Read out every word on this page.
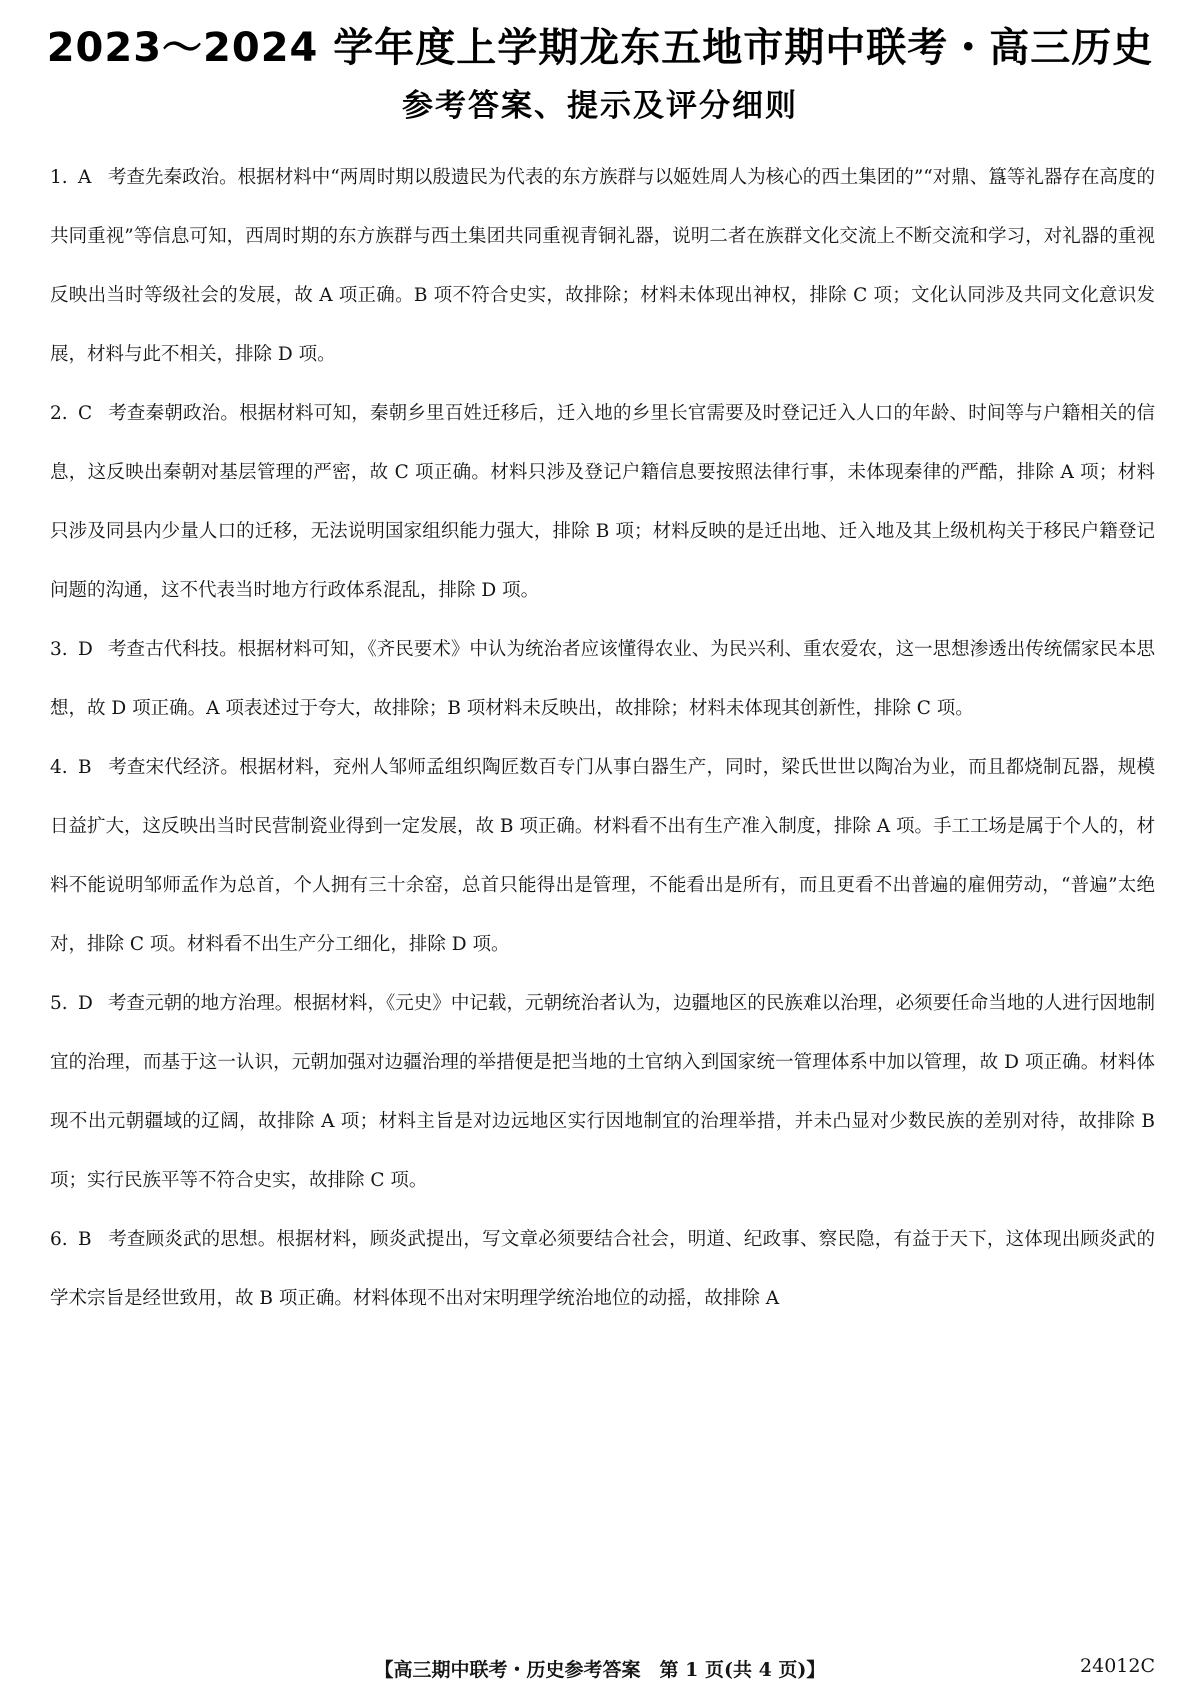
2023～2024 学年度上学期龙东五地市期中联考・高三历史
参考答案、提示及评分细则
1. A 考查先秦政治。根据材料中“两周时期以殷遗民为代表的东方族群与以姬姓周人为核心的西土集团的”“对鼎、簋等礼器存在高度的共同重视”等信息可知，西周时期的东方族群与西土集团共同重视青铜礼器，说明二者在族群文化交流上不断交流和学习，对礼器的重视反映出当时等级社会的发展，故 A 项正确。B 项不符合史实，故排除；材料未体现出神权，排除 C 项；文化认同涉及共同文化意识发展，材料与此不相关，排除 D 项。
2. C 考查秦朝政治。根据材料可知，秦朝乡里百姓迁移后，迁入地的乡里长官需要及时登记迁入人口的年龄、时间等与户籍相关的信息，这反映出秦朝对基层管理的严密，故 C 项正确。材料只涉及登记户籍信息要按照法律行事，未体现秦律的严酷，排除 A 项；材料只涉及同县内少量人口的迁移，无法说明国家组织能力强大，排除 B 项；材料反映的是迁出地、迁入地及其上级机构关于移民户籍登记问题的沟通，这不代表当时地方行政体系混乱，排除 D 项。
3. D 考查古代科技。根据材料可知，《齐民要术》中认为统治者应该懂得农业、为民兴利、重农爱农，这一思想渗透出传统儒家民本思想，故 D 项正确。A 项表述过于夸大，故排除；B 项材料未反映出，故排除；材料未体现其创新性，排除 C 项。
4. B 考查宋代经济。根据材料，兖州人邹师孟组织陶匠数百专门从事白器生产，同时，梁氏世世以陶冶为业，而且都烧制瓦器，规模日益扩大，这反映出当时民营制瓷业得到一定发展，故 B 项正确。材料看不出有生产准入制度，排除 A 项。手工工场是属于个人的，材料不能说明邹师孟作为总首，个人拥有三十余窑，总首只能得出是管理，不能看出是所有，而且更看不出普遍的雇佣劳动，“普遍”太绝对，排除 C 项。材料看不出生产分工细化，排除 D 项。
5. D 考查元朝的地方治理。根据材料，《元史》中记载，元朝统治者认为，边疆地区的民族难以治理，必须要任命当地的人进行因地制宜的治理，而基于这一认识，元朝加强对边疆治理的举措便是把当地的土官纳入到国家统一管理体系中加以管理，故 D 项正确。材料体现不出元朝疆域的辽阔，故排除 A 项；材料主旨是对边远地区实行因地制宜的治理举措，并未凸显对少数民族的差别对待，故排除 B 项；实行民族平等不符合史实，故排除 C 项。
6. B 考查顾炎武的思想。根据材料，顾炎武提出，写文章必须要结合社会，明道、纪政事、察民隐，有益于天下，这体现出顾炎武的学术宗旨是经世致用，故 B 项正确。材料体现不出对宋明理学统治地位的动摇，故排除 A
【高三期中联考・历史参考答案　第 1 页(共 4 页)】	24012C
